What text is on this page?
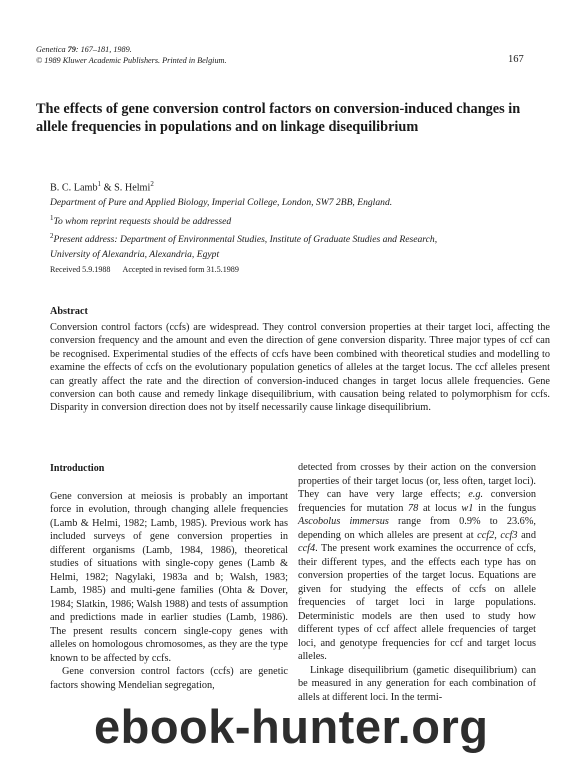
Genetica 79: 167–181, 1989.
© 1989 Kluwer Academic Publishers. Printed in Belgium.	167
The effects of gene conversion control factors on conversion-induced changes in allele frequencies in populations and on linkage disequilibrium
B. C. Lamb$^1$ & S. Helmi$^2$
Department of Pure and Applied Biology, Imperial College, London, SW7 2BB, England.
$^1$To whom reprint requests should be addressed
$^2$Present address: Department of Environmental Studies, Institute of Graduate Studies and Research,
University of Alexandria, Alexandria, Egypt
Received 5.9.1988 Accepted in revised form 31.5.1989
Abstract
Conversion control factors (ccfs) are widespread. They control conversion properties at their target loci, affecting the conversion frequency and the amount and even the direction of gene conversion disparity. Three major types of ccf can be recognised. Experimental studies of the effects of ccfs have been combined with theoretical studies and modelling to examine the effects of ccfs on the evolutionary population genetics of alleles at the target locus. The ccf alleles present can greatly affect the rate and the direction of conversion-induced changes in target locus allele frequencies. Gene conversion can both cause and remedy linkage disequilibrium, with causation being related to polymorphism for ccfs. Disparity in conversion direction does not by itself necessarily cause linkage disequilibrium.
Introduction

Gene conversion at meiosis is probably an important force in evolution, through changing allele frequencies (Lamb & Helmi, 1982; Lamb, 1985). Previous work has included surveys of gene conversion properties in different organisms (Lamb, 1984, 1986), theoretical studies of situations with single-copy genes (Lamb & Helmi, 1982; Nagylaki, 1983a and b; Walsh, 1983; Lamb, 1985) and multi-gene families (Ohta & Dover, 1984; Slatkin, 1986; Walsh 1988) and tests of assumption and predictions made in earlier studies (Lamb, 1986). The present results concern single-copy genes with alleles on homologous chromosomes, as they are the type known to be affected by ccfs.

Gene conversion control factors (ccfs) are genetic factors showing Mendelian segregation,

detected from crosses by their action on the conversion properties of their target locus (or, less often, target loci). They can have very large effects; e.g. conversion frequencies for mutation 78 at locus w1 in the fungus Ascobolus immersus range from 0.9% to 23.6%, depending on which alleles are present at ccf2, ccf3 and ccf4. The present work examines the occurrence of ccfs, their different types, and the effects each type has on conversion properties of the target locus. Equations are given for studying the effects of ccfs on allele frequencies of target loci in large populations. Deterministic models are then used to study how different types of ccf affect allele frequencies of target loci, and genotype frequencies for ccf and target locus alleles.

Linkage disequilibrium (gametic disequilibrium) can be measured in any generation for each combination of allels at different loci. In the termi-

ebook-hunter.org
